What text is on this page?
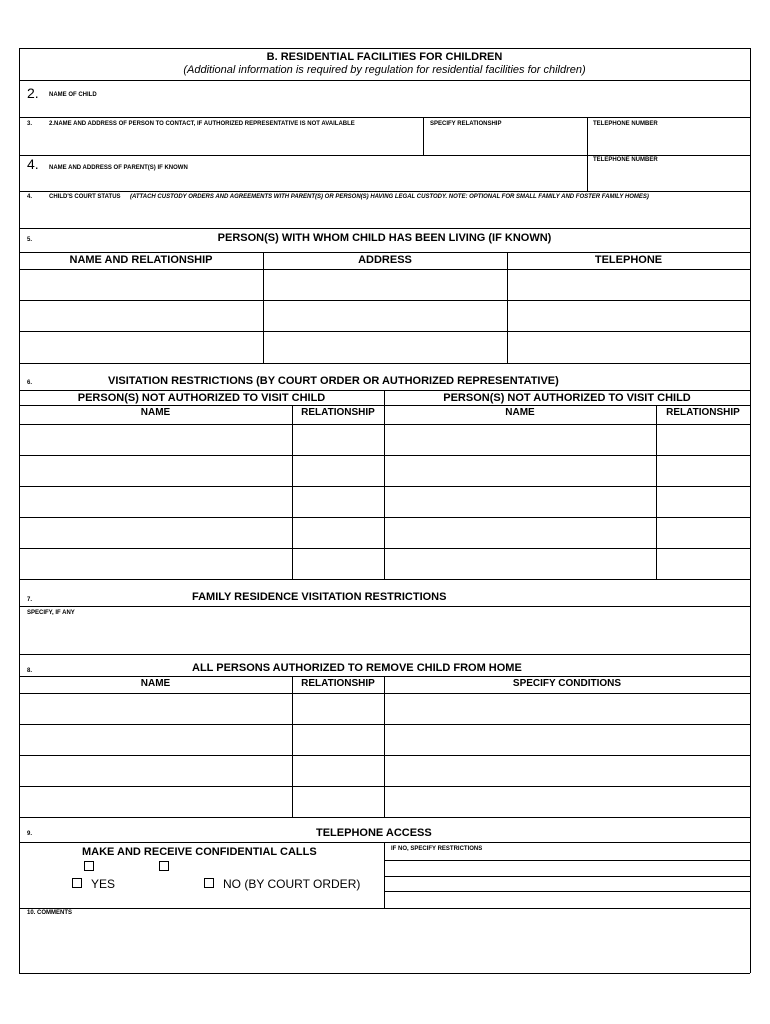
B. RESIDENTIAL FACILITIES FOR CHILDREN
(Additional information is required by regulation for residential facilities for children)
2. NAME OF CHILD
3.	2.NAME AND ADDRESS OF PERSON TO CONTACT, IF AUTHORIZED REPRESENTATIVE IS NOT AVAILABLE	SPECIFY RELATIONSHIP	TELEPHONE NUMBER
4. NAME AND ADDRESS OF PARENT(S) IF KNOWN
TELEPHONE NUMBER
4.	CHILD'S COURT STATUS (ATTACH CUSTODY ORDERS AND AGREEMENTS WITH PARENT(S) OR PERSON(S) HAVING LEGAL CUSTODY. NOTE: OPTIONAL FOR SMALL FAMILY AND FOSTER FAMILY HOMES)
5.	PERSON(S) WITH WHOM CHILD HAS BEEN LIVING (IF KNOWN)
NAME AND RELATIONSHIP	ADDRESS	TELEPHONE
6.	VISITATION RESTRICTIONS (BY COURT ORDER OR AUTHORIZED REPRESENTATIVE)
PERSON(S) NOT AUTHORIZED TO VISIT CHILD	PERSON(S) NOT AUTHORIZED TO VISIT CHILD
NAME	RELATIONSHIP	NAME	RELATIONSHIP
7.	FAMILY RESIDENCE VISITATION RESTRICTIONS
SPECIFY, IF ANY
8.	ALL PERSONS AUTHORIZED TO REMOVE CHILD FROM HOME
NAME	RELATIONSHIP	SPECIFY CONDITIONS
9.	TELEPHONE ACCESS
MAKE AND RECEIVE CONFIDENTIAL CALLS	IF NO, SPECIFY RESTRICTIONS
YES	NO (BY COURT ORDER)
10. COMMENTS
